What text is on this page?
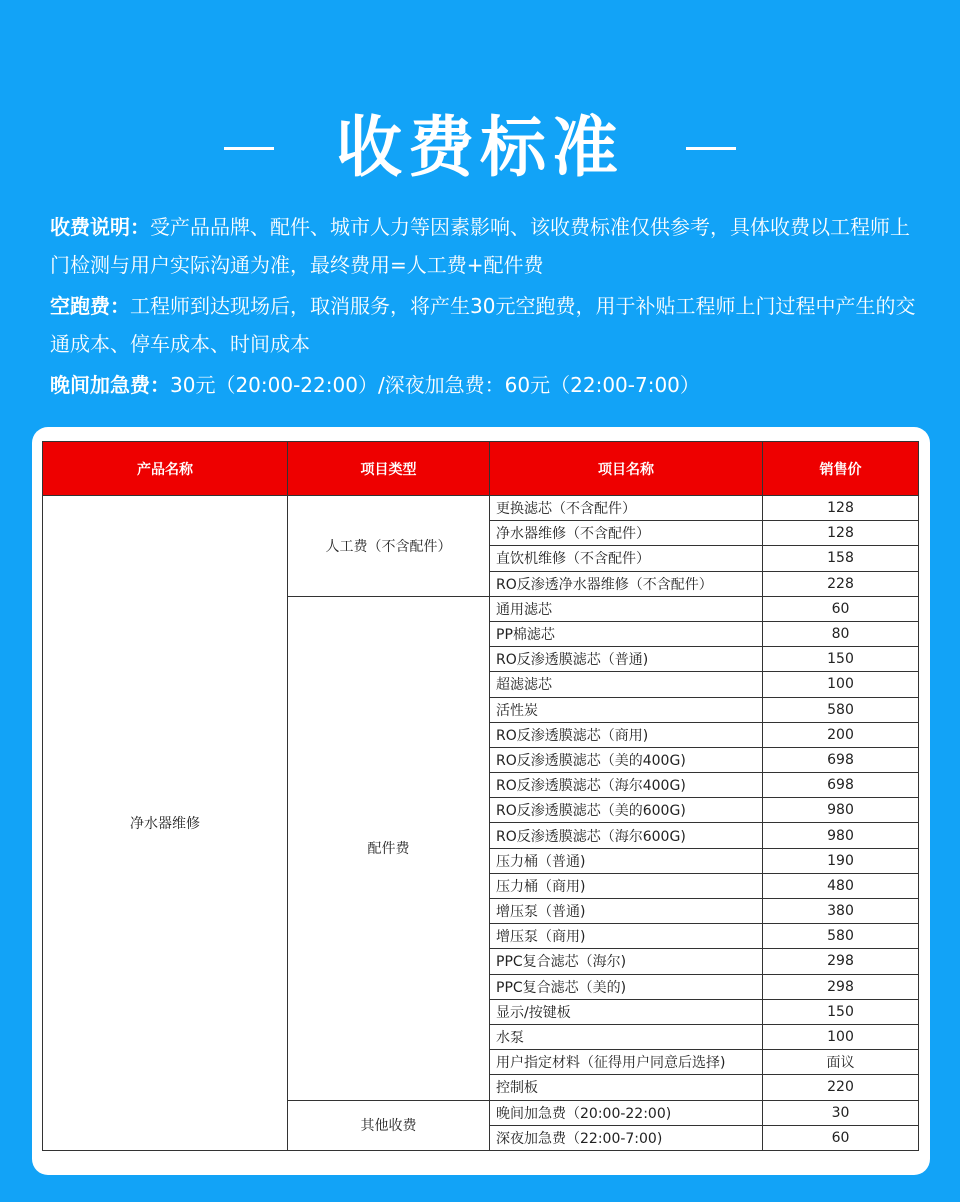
收费标准
收费说明：受产品品牌、配件、城市人力等因素影响、该收费标准仅供参考，具体收费以工程师上门检测与用户实际沟通为准，最终费用=人工费+配件费
空跑费：工程师到达现场后，取消服务，将产生30元空跑费，用于补贴工程师上门过程中产生的交通成本、停车成本、时间成本
晚间加急费：30元（20:00-22:00）/深夜加急费：60元（22:00-7:00）
产品名称	项目类型	项目名称	销售价
净水器维修	人工费（不含配件）	更换滤芯（不含配件）	128
		净水器维修（不含配件）	128
		直饮机维修（不含配件）	158
		RO反渗透净水器维修（不含配件）	228
	配件费	通用滤芯	60
		PP棉滤芯	80
		RO反渗透膜滤芯（普通)	150
		超滤滤芯	100
		活性炭	580
		RO反渗透膜滤芯（商用)	200
		RO反渗透膜滤芯（美的400G)	698
		RO反渗透膜滤芯（海尔400G)	698
		RO反渗透膜滤芯（美的600G)	980
		RO反渗透膜滤芯（海尔600G)	980
		压力桶（普通)	190
		压力桶（商用)	480
		增压泵（普通)	380
		增压泵（商用)	580
		PPC复合滤芯（海尔)	298
		PPC复合滤芯（美的)	298
		显示/按键板	150
		水泵	100
		用户指定材料（征得用户同意后选择)	面议
		控制板	220
	其他收费	晚间加急费（20:00-22:00)	30
		深夜加急费（22:00-7:00)	60
